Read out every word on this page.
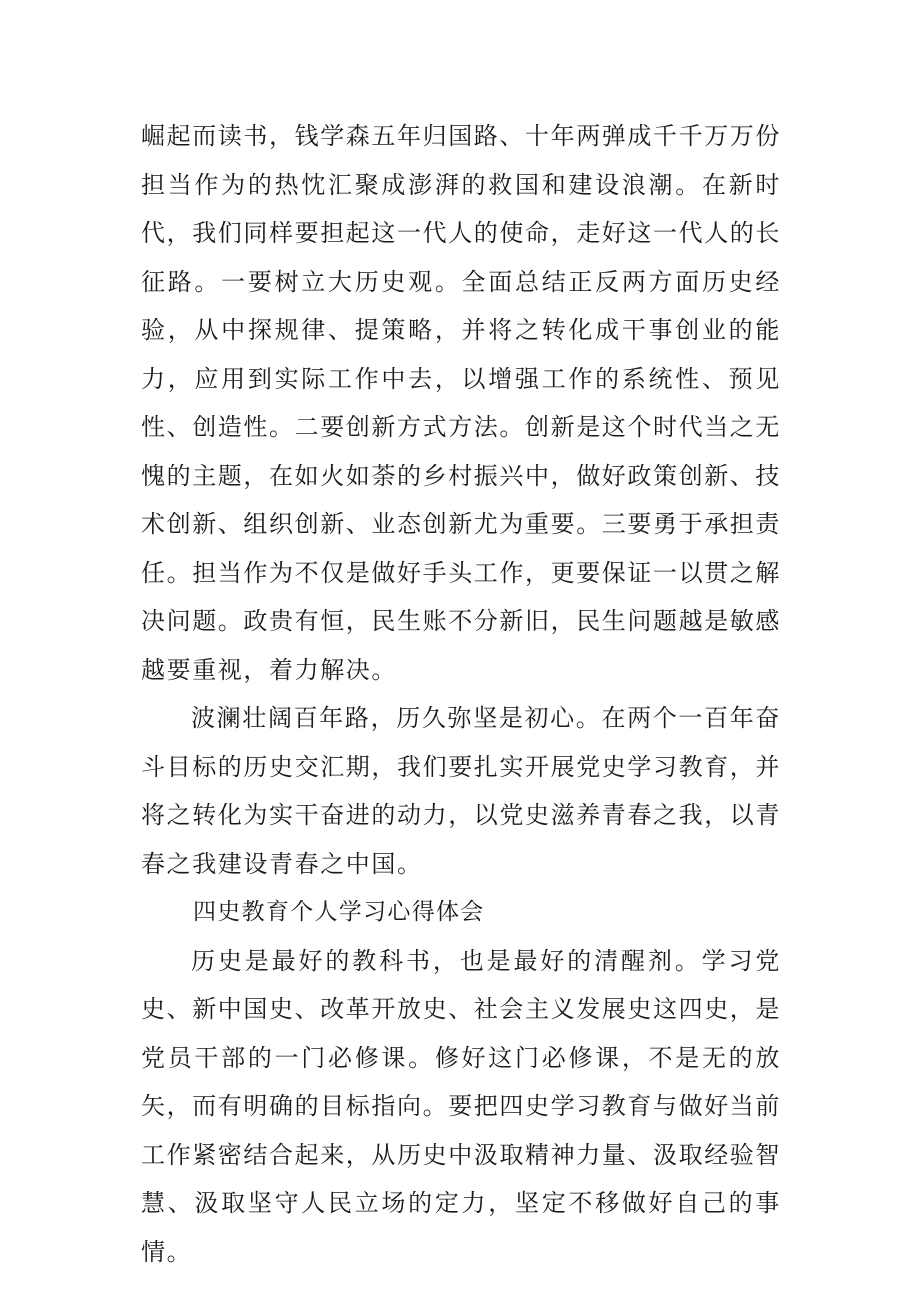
崛起而读书，钱学森五年归国路、十年两弹成千千万万份担当作为的热忱汇聚成澎湃的救国和建设浪潮。在新时代，我们同样要担起这一代人的使命，走好这一代人的长征路。一要树立大历史观。全面总结正反两方面历史经验，从中探规律、提策略，并将之转化成干事创业的能力，应用到实际工作中去，以增强工作的系统性、预见性、创造性。二要创新方式方法。创新是这个时代当之无愧的主题，在如火如荼的乡村振兴中，做好政策创新、技术创新、组织创新、业态创新尤为重要。三要勇于承担责任。担当作为不仅是做好手头工作，更要保证一以贯之解决问题。政贵有恒，民生账不分新旧，民生问题越是敏感越要重视，着力解决。

波澜壮阔百年路，历久弥坚是初心。在两个一百年奋斗目标的历史交汇期，我们要扎实开展党史学习教育，并将之转化为实干奋进的动力，以党史滋养青春之我，以青春之我建设青春之中国。

四史教育个人学习心得体会

历史是最好的教科书，也是最好的清醒剂。学习党史、新中国史、改革开放史、社会主义发展史这四史，是党员干部的一门必修课。修好这门必修课，不是无的放矢，而有明确的目标指向。要把四史学习教育与做好当前工作紧密结合起来，从历史中汲取精神力量、汲取经验智慧、汲取坚守人民立场的定力，坚定不移做好自己的事情。
